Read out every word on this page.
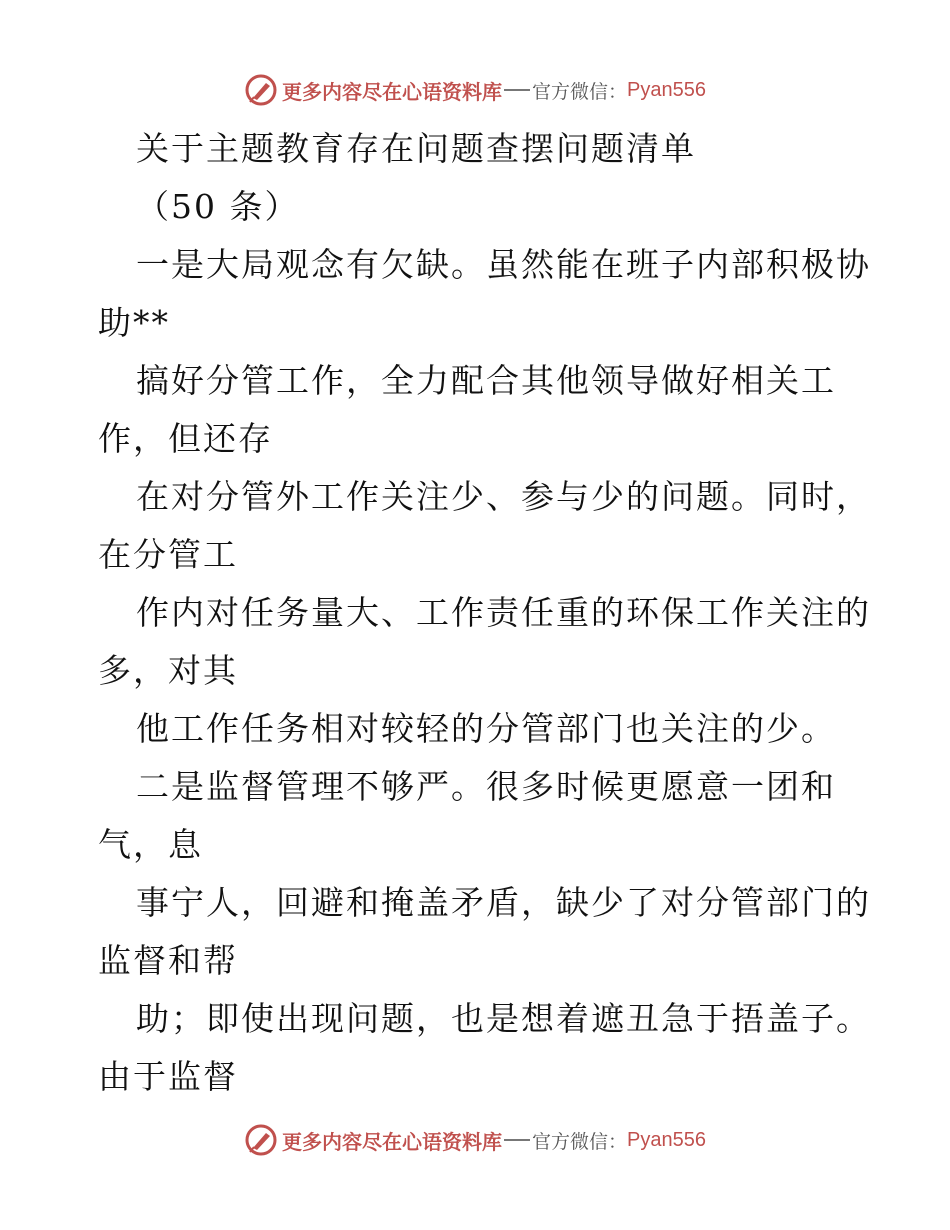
更多内容尽在心语资料库 官方微信： Pyan556
关于主题教育存在问题查摆问题清单
（50 条）
一是大局观念有欠缺。虽然能在班子内部积极协
助**
搞好分管工作，全力配合其他领导做好相关工
作，但还存
在对分管外工作关注少、参与少的问题。同时，
在分管工
作内对任务量大、工作责任重的环保工作关注的
多，对其
他工作任务相对较轻的分管部门也关注的少。
二是监督管理不够严。很多时候更愿意一团和
气，息
事宁人，回避和掩盖矛盾，缺少了对分管部门的
监督和帮
助；即使出现问题，也是想着遮丑急于捂盖子。
由于监督
更多内容尽在心语资料库 官方微信： Pyan556
